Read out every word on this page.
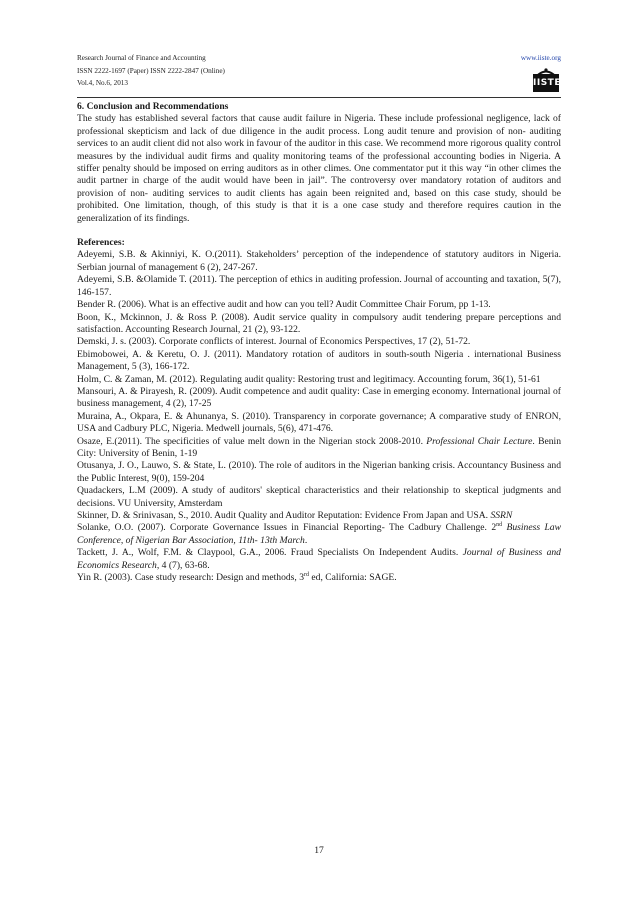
Research Journal of Finance and Accounting
ISSN 2222-1697 (Paper) ISSN 2222-2847 (Online)
Vol.4, No.6, 2013
www.iiste.org
IISTE
6. Conclusion and Recommendations

The study has established several factors that cause audit failure in Nigeria. These include professional negligence, lack of professional skepticism and lack of due diligence in the audit process. Long audit tenure and provision of non- auditing services to an audit client did not also work in favour of the auditor in this case. We recommend more rigorous quality control measures by the individual audit firms and quality monitoring teams of the professional accounting bodies in Nigeria. A stiffer penalty should be imposed on erring auditors as in other climes. One commentator put it this way “in other climes the audit partner in charge of the audit would have been in jail”. The controversy over mandatory rotation of auditors and provision of non- auditing services to audit clients has again been reignited and, based on this case study, should be prohibited. One limitation, though, of this study is that it is a one case study and therefore requires caution in the generalization of its findings.

References:

Adeyemi, S.B. & Akinniyi, K. O.(2011). Stakeholders’ perception of the independence of statutory auditors in Nigeria. Serbian journal of management 6 (2), 247-267.

Adeyemi, S.B. &Olamide T. (2011). The perception of ethics in auditing profession. Journal of accounting and taxation, 5(7), 146-157.

Bender R. (2006). What is an effective audit and how can you tell? Audit Committee Chair Forum, pp 1-13.

Boon, K., Mckinnon, J. & Ross P. (2008). Audit service quality in compulsory audit tendering prepare perceptions and satisfaction. Accounting Research Journal, 21 (2), 93-122.

Demski, J. s. (2003). Corporate conflicts of interest. Journal of Economics Perspectives, 17 (2), 51-72.

Ebimobowei, A. & Keretu, O. J. (2011). Mandatory rotation of auditors in south-south Nigeria . international Business Management, 5 (3), 166-172.

Holm, C. & Zaman, M. (2012). Regulating audit quality: Restoring trust and legitimacy. Accounting forum, 36(1), 51-61

Mansouri, A. & Pirayesh, R. (2009). Audit competence and audit quality: Case in emerging economy. International journal of business management, 4 (2), 17-25

Muraina, A., Okpara, E. & Ahunanya, S. (2010). Transparency in corporate governance; A comparative study of ENRON, USA and Cadbury PLC, Nigeria. Medwell journals, 5(6), 471-476.

Osaze, E.(2011). The specificities of value melt down in the Nigerian stock 2008-2010. Professional Chair Lecture. Benin City: University of Benin, 1-19

Otusanya, J. O., Lauwo, S. & State, L. (2010). The role of auditors in the Nigerian banking crisis. Accountancy Business and the Public Interest, 9(0), 159-204

Quadackers, L.M (2009). A study of auditors' skeptical characteristics and their relationship to skeptical judgments and decisions. VU University, Amsterdam

Skinner, D. & Srinivasan, S., 2010. Audit Quality and Auditor Reputation: Evidence From Japan and USA. SSRN

Solanke, O.O. (2007). Corporate Governance Issues in Financial Reporting- The Cadbury Challenge. 2nd Business Law Conference, of Nigerian Bar Association, 11th- 13th March.

Tackett, J. A., Wolf, F.M. & Claypool, G.A., 2006. Fraud Specialists On Independent Audits. Journal of Business and Economics Research, 4 (7), 63-68.

Yin R. (2003). Case study research: Design and methods, 3rd ed, California: SAGE.

17
